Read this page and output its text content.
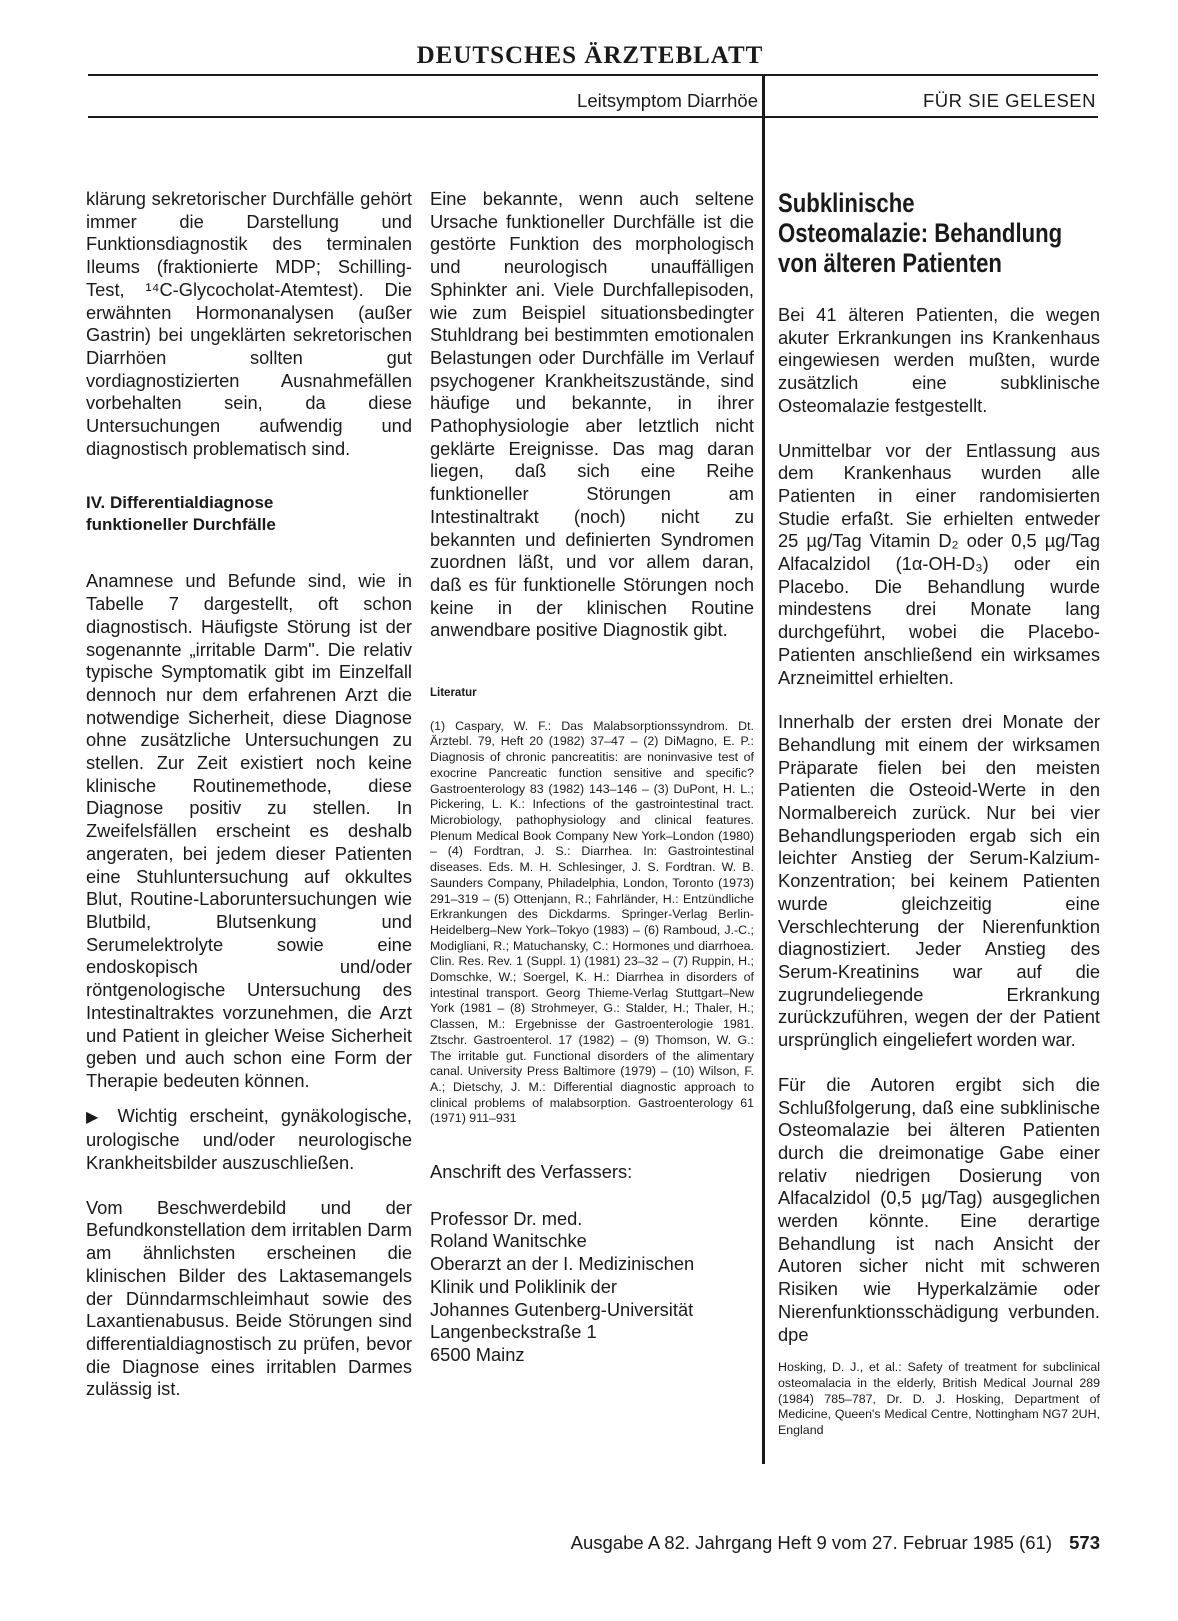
DEUTSCHES ÄRZTEBLATT
Leitsymptom Diarrhöe	FÜR SIE GELESEN

klärung sekretorischer Durchfälle gehört immer die Darstellung und Funktionsdiagnostik des terminalen Ileums (fraktionierte MDP; Schilling-Test, ¹⁴C-Glycocholat-Atemtest). Die erwähnten Hormonanalysen (außer Gastrin) bei ungeklärten sekretorischen Diarrhöen sollten gut vordiagnostizierten Ausnahmefällen vorbehalten sein, da diese Untersuchungen aufwendig und diagnostisch problematisch sind.

IV. Differentialdiagnose funktioneller Durchfälle

Anamnese und Befunde sind, wie in Tabelle 7 dargestellt, oft schon diagnostisch. Häufigste Störung ist der sogenannte „irritable Darm". Die relativ typische Symptomatik gibt im Einzelfall dennoch nur dem erfahrenen Arzt die notwendige Sicherheit, diese Diagnose ohne zusätzliche Untersuchungen zu stellen. Zur Zeit existiert noch keine klinische Routinemethode, diese Diagnose positiv zu stellen. In Zweifelsfällen erscheint es deshalb angeraten, bei jedem dieser Patienten eine Stuhluntersuchung auf okkultes Blut, Routine-Laboruntersuchungen wie Blutbild, Blutsenkung und Serumelektrolyte sowie eine endoskopisch und/oder röntgenologische Untersuchung des Intestinaltraktes vorzunehmen, die Arzt und Patient in gleicher Weise Sicherheit geben und auch schon eine Form der Therapie bedeuten können.

▶ Wichtig erscheint, gynäkologische, urologische und/oder neurologische Krankheitsbilder auszuschließen.

Vom Beschwerdebild und der Befundkonstellation dem irritablen Darm am ähnlichsten erscheinen die klinischen Bilder des Laktasemangels der Dünndarmschleimhaut sowie des Laxantienabusus. Beide Störungen sind differentialdiagnostisch zu prüfen, bevor die Diagnose eines irritablen Darmes zulässig ist.

Eine bekannte, wenn auch seltene Ursache funktioneller Durchfälle ist die gestörte Funktion des morphologisch und neurologisch unauffälligen Sphinkter ani. Viele Durchfallepisoden, wie zum Beispiel situationsbedingter Stuhldrang bei bestimmten emotionalen Belastungen oder Durchfälle im Verlauf psychogener Krankheitszustände, sind häufige und bekannte, in ihrer Pathophysiologie aber letztlich nicht geklärte Ereignisse. Das mag daran liegen, daß sich eine Reihe funktioneller Störungen am Intestinaltrakt (noch) nicht zu bekannten und definierten Syndromen zuordnen läßt, und vor allem daran, daß es für funktionelle Störungen noch keine in der klinischen Routine anwendbare positive Diagnostik gibt.

Literatur

(1) Caspary, W. F.: Das Malabsorptionssyndrom. Dt. Ärztebl. 79, Heft 20 (1982) 37–47 – (2) DiMagno, E. P.: Diagnosis of chronic pancreatitis: are noninvasive test of exocrine Pancreatic function sensitive and specific? Gastroenterology 83 (1982) 143–146 – (3) DuPont, H. L.; Pickering, L. K.: Infections of the gastrointestinal tract. Microbiology, pathophysiology and clinical features. Plenum Medical Book Company New York–London (1980) – (4) Fordtran, J. S.: Diarrhea. In: Gastrointestinal diseases. Eds. M. H. Schlesinger, J. S. Fordtran. W. B. Saunders Company, Philadelphia, London, Toronto (1973) 291–319 – (5) Ottenjann, R.; Fahrländer, H.: Entzündliche Erkrankungen des Dickdarms. Springer-Verlag Berlin-Heidelberg–New York–Tokyo (1983) – (6) Ramboud, J.-C.; Modigliani, R.; Matuchansky, C.: Hormones und diarrhoea. Clin. Res. Rev. 1 (Suppl. 1) (1981) 23–32 – (7) Ruppin, H.; Domschke, W.; Soergel, K. H.: Diarrhea in disorders of intestinal transport. Georg Thieme-Verlag Stuttgart–New York (1981 – (8) Strohmeyer, G.: Stalder, H.; Thaler, H.; Classen, M.: Ergebnisse der Gastroenterologie 1981. Ztschr. Gastroenterol. 17 (1982) – (9) Thomson, W. G.: The irritable gut. Functional disorders of the alimentary canal. University Press Baltimore (1979) – (10) Wilson, F. A.; Dietschy, J. M.: Differential diagnostic approach to clinical problems of malabsorption. Gastroenterology 61 (1971) 911–931

Anschrift des Verfassers:

Professor Dr. med.
Roland Wanitschke
Oberarzt an der I. Medizinischen
Klinik und Poliklinik der
Johannes Gutenberg-Universität
Langenbeckstraße 1
6500 Mainz
Subklinische
Osteomalazie: Behandlung
von älteren Patienten

Bei 41 älteren Patienten, die wegen akuter Erkrankungen ins Krankenhaus eingewiesen werden mußten, wurde zusätzlich eine subklinische Osteomalazie festgestellt.

Unmittelbar vor der Entlassung aus dem Krankenhaus wurden alle Patienten in einer randomisierten Studie erfaßt. Sie erhielten entweder 25 µg/Tag Vitamin D₂ oder 0,5 µg/Tag Alfacalzidol (1α-OH-D₃) oder ein Placebo. Die Behandlung wurde mindestens drei Monate lang durchgeführt, wobei die Placebo-Patienten anschließend ein wirksames Arzneimittel erhielten.

Innerhalb der ersten drei Monate der Behandlung mit einem der wirksamen Präparate fielen bei den meisten Patienten die Osteoid-Werte in den Normalbereich zurück. Nur bei vier Behandlungsperioden ergab sich ein leichter Anstieg der Serum-Kalzium-Konzentration; bei keinem Patienten wurde gleichzeitig eine Verschlechterung der Nierenfunktion diagnostiziert. Jeder Anstieg des Serum-Kreatinins war auf die zugrundeliegende Erkrankung zurückzuführen, wegen der der Patient ursprünglich eingeliefert worden war.

Für die Autoren ergibt sich die Schlußfolgerung, daß eine subklinische Osteomalazie bei älteren Patienten durch die dreimonatige Gabe einer relativ niedrigen Dosierung von Alfacalzidol (0,5 µg/Tag) ausgeglichen werden könnte. Eine derartige Behandlung ist nach Ansicht der Autoren sicher nicht mit schweren Risiken wie Hyperkalzämie oder Nierenfunktionsschädigung verbunden. dpe

Hosking, D. J., et al.: Safety of treatment for subclinical osteomalacia in the elderly, British Medical Journal 289 (1984) 785–787, Dr. D. J. Hosking, Department of Medicine, Queen's Medical Centre, Nottingham NG7 2UH, England

Ausgabe A 82. Jahrgang Heft 9 vom 27. Februar 1985 (61) 573
